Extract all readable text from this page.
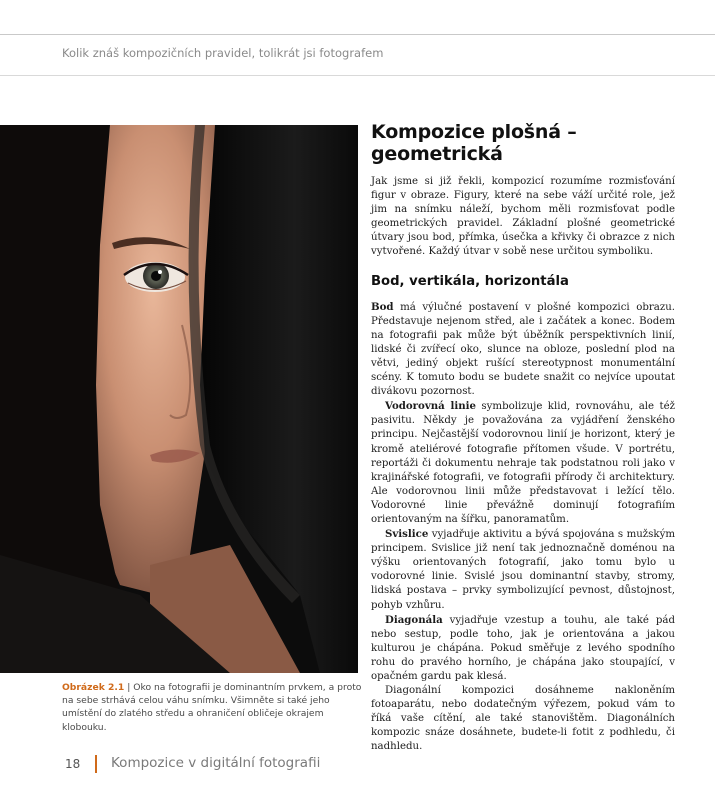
Kolik znáš kompozičních pravidel, tolikrát jsi fotografem
Obrázek 2.1 | Oko na fotografii je dominantním prvkem, a proto na sebe strhává celou váhu snímku. Všimněte si také jeho umístění do zlatého středu a ohraničení obličeje okrajem klobouku.
Kompozice plošná – geometrická

Jak jsme si již řekli, kompozicí rozumíme rozmisťování figur v obraze. Figury, které na sebe váží určité role, jež jim na snímku náleží, bychom měli rozmisťovat podle geometrických pravidel. Základní plošné geometrické útvary jsou bod, přímka, úsečka a křivky či obrazce z nich vytvořené. Každý útvar v sobě nese určitou symboliku.

Bod, vertikála, horizontála

Bod má výlučné postavení v plošné kompozici obrazu. Představuje nejenom střed, ale i začátek a konec. Bodem na fotografii pak může být úběžník perspektivních linií, lidské či zvířecí oko, slunce na obloze, poslední plod na větvi, jediný objekt rušící stereotypnost monumentální scény. K tomuto bodu se budete snažit co nejvíce upoutat divákovu pozornost.

Vodorovná linie symbolizuje klid, rovnováhu, ale též pasivitu. Někdy je považována za vyjádření ženského principu. Nejčastější vodorovnou linií je horizont, který je kromě ateliérové fotografie přítomen všude. V portrétu, reportáži či dokumentu nehraje tak podstatnou roli jako v krajinářské fotografii, ve fotografii přírody či architektury. Ale vodorovnou linii může představovat i ležící tělo. Vodorovné linie převážně dominují fotografiím orientovaným na šířku, panoramatům.

Svislice vyjadřuje aktivitu a bývá spojována s mužským principem. Svislice již není tak jednoznačně doménou na výšku orientovaných fotografií, jako tomu bylo u vodorovné linie. Svislé jsou dominantní stavby, stromy, lidská postava – prvky symbolizující pevnost, důstojnost, pohyb vzhůru.

Diagonála vyjadřuje vzestup a touhu, ale také pád nebo sestup, podle toho, jak je orientována a jakou kulturou je chápána. Pokud směřuje z levého spodního rohu do pravého horního, je chápána jako stoupající, v opačném gardu pak klesá.

Diagonální kompozici dosáhneme nakloněním fotoaparátu, nebo dodatečným výřezem, pokud vám to říká vaše cítění, ale také stanovištěm. Diagonálních kompozic snáze dosáhnete, budete-li fotit z podhledu, či nadhledu.

18 Kompozice v digitální fotografii
